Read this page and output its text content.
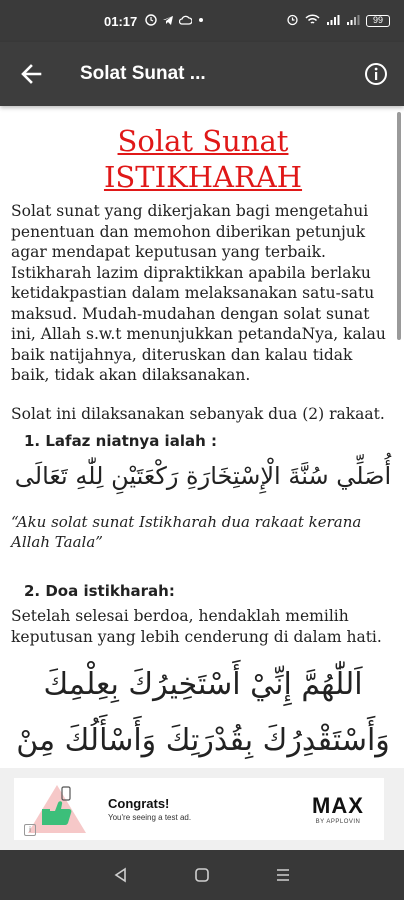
01:17	99
Solat Sunat ...
Solat Sunat
ISTIKHARAH

Solat sunat yang dikerjakan bagi mengetahui penentuan dan memohon diberikan petunjuk agar mendapat keputusan yang terbaik. Istikharah lazim dipraktikkan apabila berlaku ketidakpastian dalam melaksanakan satu-satu maksud. Mudah-mudahan dengan solat sunat ini, Allah s.w.t menunjukkan petandaNya, kalau baik natijahnya, diteruskan dan kalau tidak baik, tidak akan dilaksanakan.

Solat ini dilaksanakan sebanyak dua (2) rakaat.

1. Lafaz niatnya ialah :
أُصَلِّي سُنَّةَ الْإِسْتِخَارَةِ رَكْعَتَيْنِ لِلّٰهِ تَعَالَى

“Aku solat sunat Istikharah dua rakaat kerana Allah Taala”

2. Doa istikharah:

Setelah selesai berdoa, hendaklah memilih keputusan yang lebih cenderung di dalam hati.

اَللّٰهُمَّ إِنِّيْ أَسْتَخِيرُكَ بِعِلْمِكَ
وَأَسْتَقْدِرُكَ بِقُدْرَتِكَ وَأَسْأَلُكَ مِنْ
Congrats!
You're seeing a test ad.	MAX
BY APPLOVIN
i
